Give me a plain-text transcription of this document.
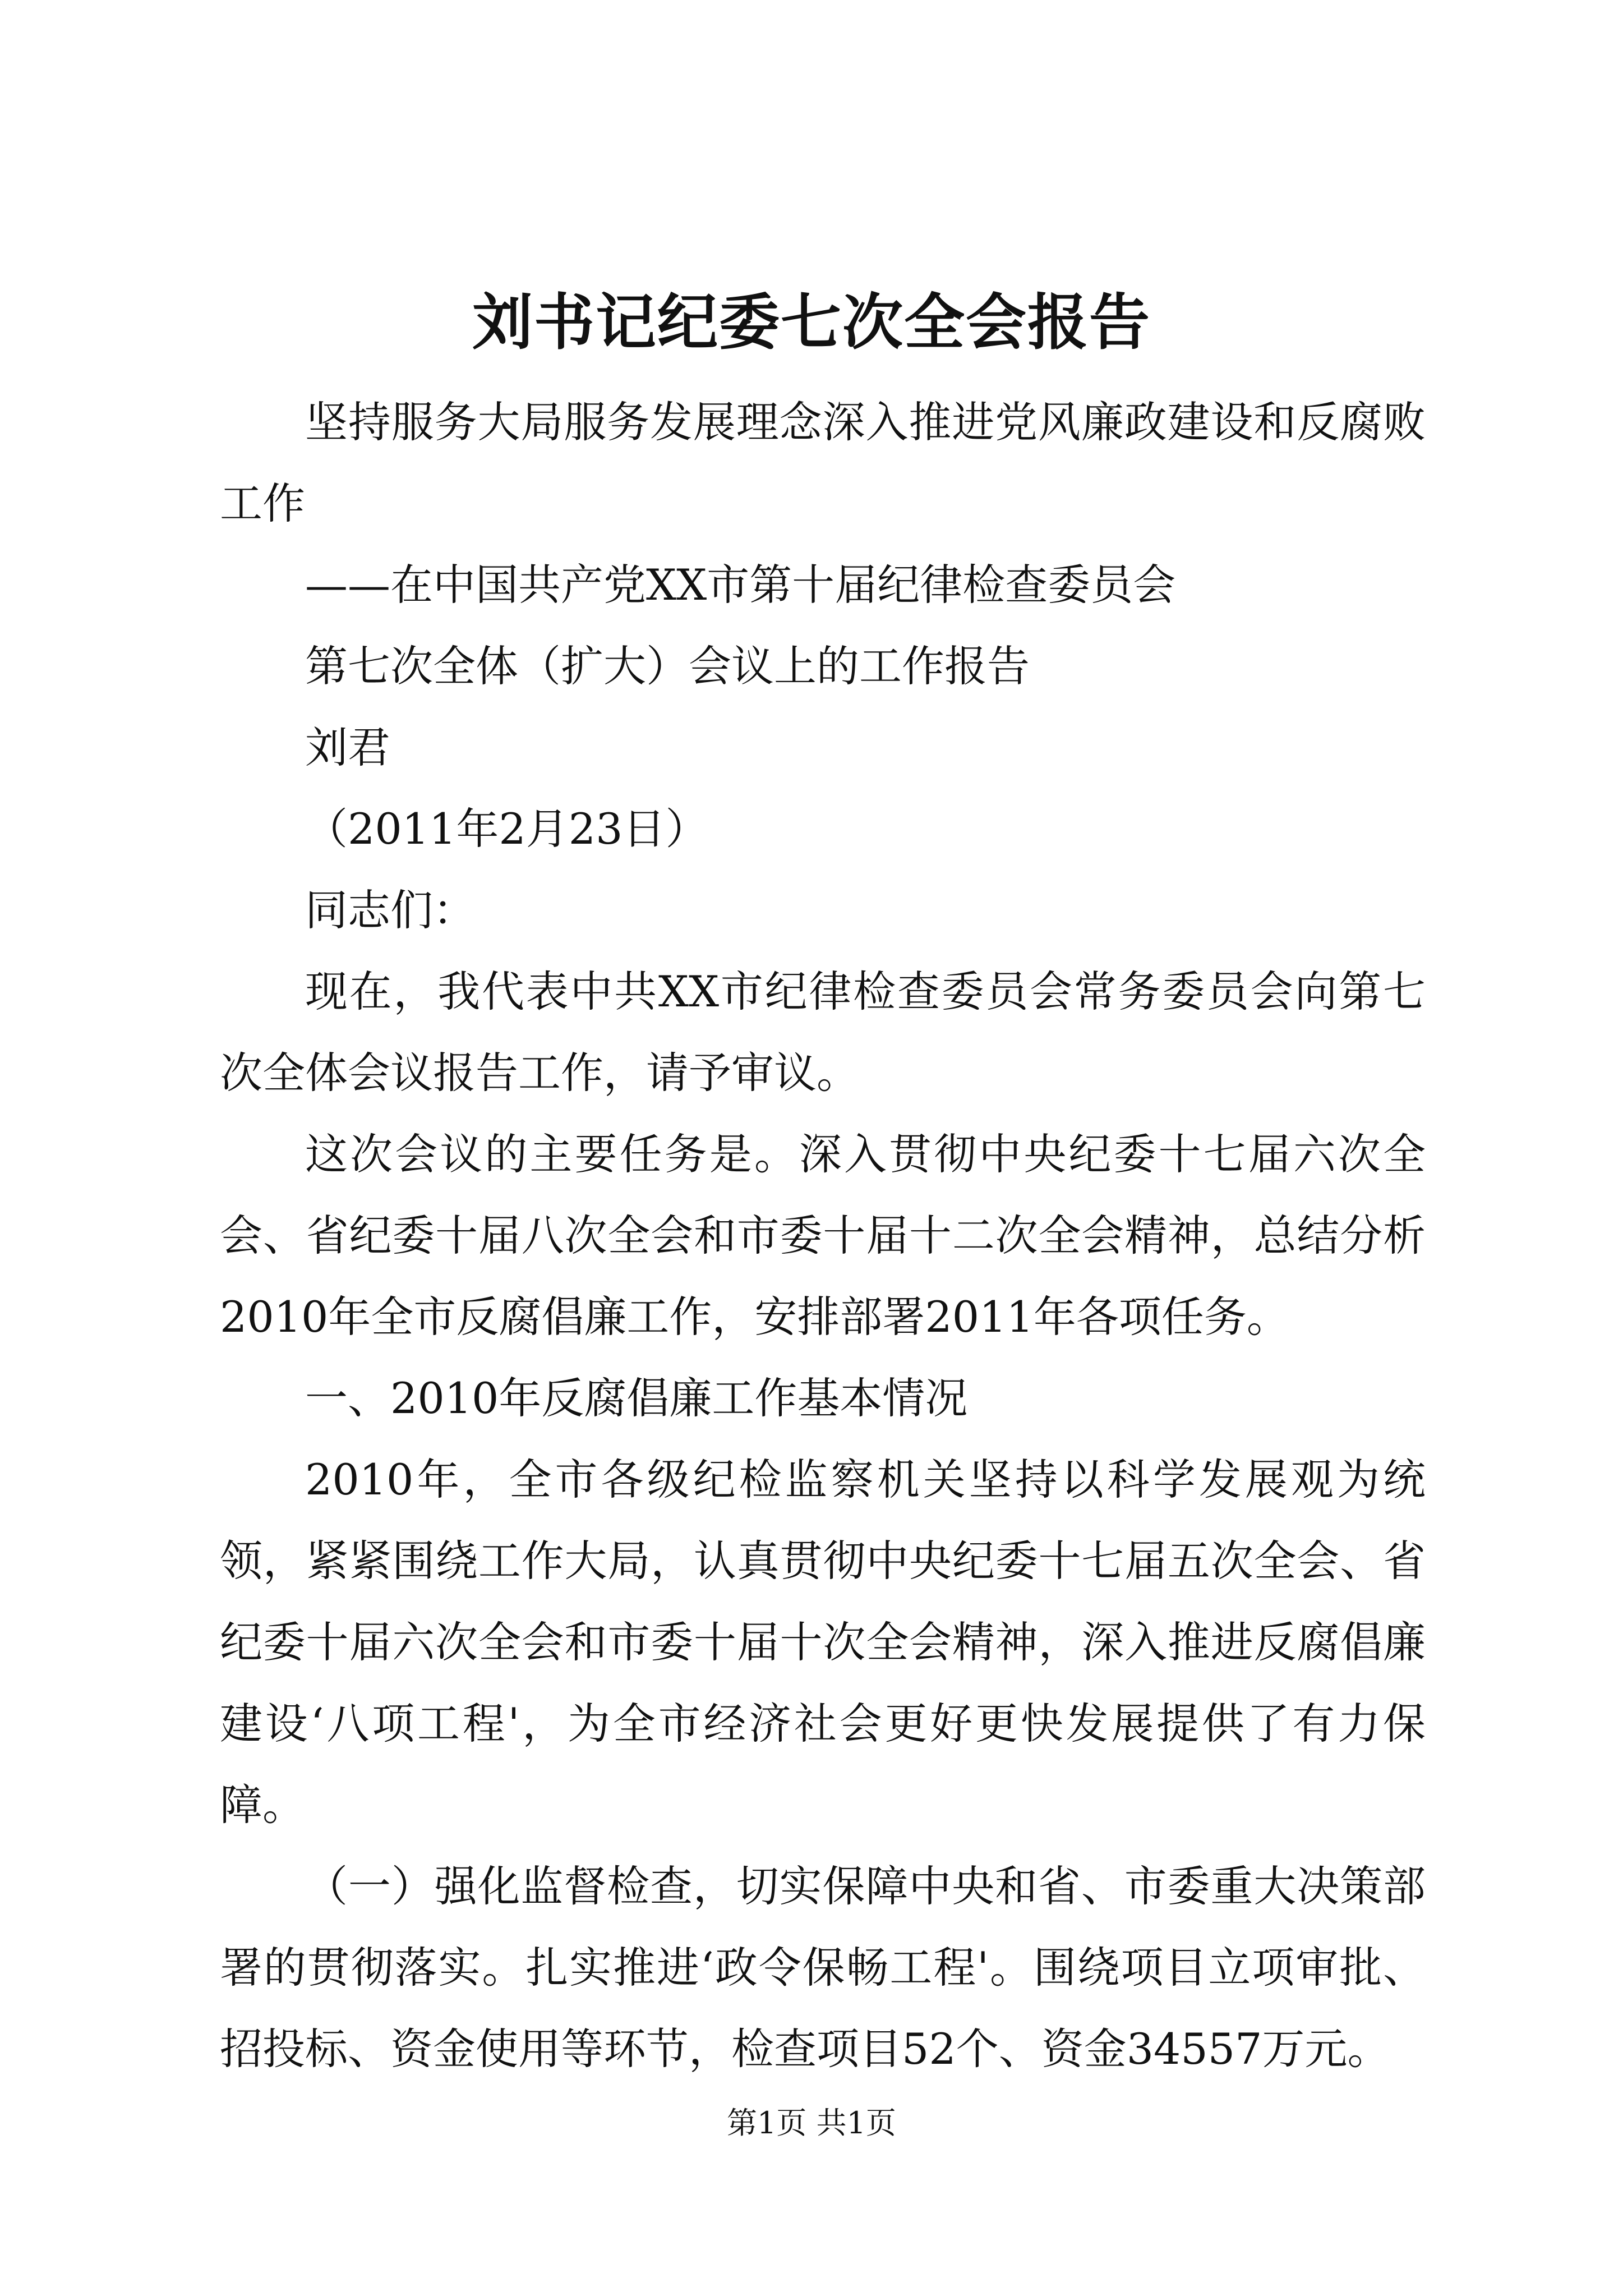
刘书记纪委七次全会报告

坚持服务大局服务发展理念深入推进党风廉政建设和反腐败工作

——在中国共产党XX市第十届纪律检查委员会

第七次全体（扩大）会议上的工作报告

刘君

（2011年2月23日）

同志们：

现在，我代表中共XX市纪律检查委员会常务委员会向第七次全体会议报告工作，请予审议。

这次会议的主要任务是。深入贯彻中央纪委十七届六次全会、省纪委十届八次全会和市委十届十二次全会精神，总结分析2010年全市反腐倡廉工作，安排部署2011年各项任务。

一、2010年反腐倡廉工作基本情况

2010年，全市各级纪检监察机关坚持以科学发展观为统领，紧紧围绕工作大局，认真贯彻中央纪委十七届五次全会、省纪委十届六次全会和市委十届十次全会精神，深入推进反腐倡廉建设‘八项工程'，为全市经济社会更好更快发展提供了有力保障。

（一）强化监督检查，切实保障中央和省、市委重大决策部署的贯彻落实。扎实推进‘政令保畅工程'。围绕项目立项审批、招投标、资金使用等环节，检查项目52个、资金34557万元。

第1页 共1页
